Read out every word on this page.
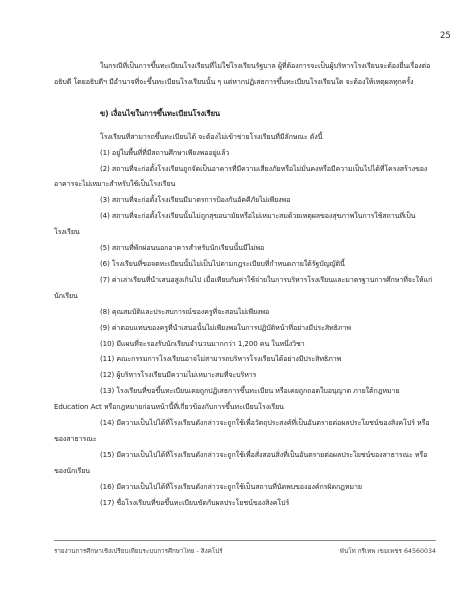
25

ในกรณีที่เป็นการขึ้นทะเบียนโรงเรียนที่ไม่ใช่โรงเรียนรัฐบาล ผู้ที่ต้องการจะเป็นผู้บริหารโรงเรียนจะต้องยื่นเรื่องต่ออธิบดี โดยอธิบดีฯ มีอำนาจที่จะขึ้นทะเบียนโรงเรียนนั้น ๆ แต่หากปฏิเสธการขึ้นทะเบียนโรงเรียนใด จะต้องให้เหตุผลทุกครั้ง

ข) เงื่อนไขในการขึ้นทะเบียนโรงเรียน

โรงเรียนที่สามารถขึ้นทะเบียนได้ จะต้องไม่เข้าข่ายโรงเรียนที่มีลักษณะ ดังนี้

(1) อยู่ในพื้นที่ที่มีสถานศึกษาเพียงพออยู่แล้ว

(2) สถานที่จะก่อตั้งโรงเรียนถูกจัดเป็นอาคารที่มีความเสี่ยงภัยหรือไม่มั่นคงหรือมีความเป็นไปได้ที่โครงสร้างของอาคารจะไม่เหมาะสำหรับใช้เป็นโรงเรียน

(3) สถานที่จะก่อตั้งโรงเรียนมีมาตรการป้องกันอัคคีภัยไม่เพียงพอ

(4) สถานที่จะก่อตั้งโรงเรียนนั้นไม่ถูกสุขอนามัยหรือไม่เหมาะสมด้วยเหตุผลของสุขภาพในการใช้สถานที่เป็นโรงเรียน

(5) สถานที่พักผ่อนนอกอาคารสำหรับนักเรียนนั้นมีไม่พอ

(6) โรงเรียนที่ขอจดทะเบียนนั้นไม่เป็นไปตามกฎระเบียบที่กำหนดภายใต้รัฐบัญญัตินี้

(7) ค่าเล่าเรียนที่นำเสนอสูงเกินไป เมื่อเทียบกับค่าใช้จ่ายในการบริหารโรงเรียนและมาตรฐานการศึกษาที่จะให้แก่นักเรียน

(8) คุณสมบัติและประสบการณ์ของครูที่จะสอนไม่เพียงพอ

(9) ค่าตอบแทนของครูที่นำเสนอนั้นไม่เพียงพอในการปฏิบัติหน้าที่อย่างมีประสิทธิภาพ

(10) มีแผนที่จะรองรับนักเรียนจำนวนมากกว่า 1,200 คน ในหนึ่งวิชา

(11) คณะกรรมการโรงเรียนอาจไม่สามารถบริหารโรงเรียนได้อย่างมีประสิทธิภาพ

(12) ผู้บริหารโรงเรียนมีความไม่เหมาะสมที่จะบริหาร

(13) โรงเรียนที่ขอขึ้นทะเบียนเคยถูกปฏิเสธการขึ้นทะเบียน หรือเคยถูกถอดใบอนุญาต ภายใต้กฎหมาย Education Act หรือกฎหมายก่อนหน้านี้ที่เกี่ยวข้องกับการขึ้นทะเบียนโรงเรียน

(14) มีความเป็นไปได้ที่โรงเรียนดังกล่าวจะถูกใช้เพื่อวัตถุประสงค์ที่เป็นอันตรายต่อผลประโยชน์ของสิงคโปร์ หรือของสาธารณะ

(15) มีความเป็นไปได้ที่โรงเรียนดังกล่าวจะถูกใช้เพื่อสั่งสอนสิ่งที่เป็นอันตรายต่อผลประโยชน์ของสาธารณะ หรือของนักเรียน

(16) มีความเป็นไปได้ที่โรงเรียนดังกล่าวจะถูกใช้เป็นสถานที่นัดพบขององค์กรผิดกฎหมาย

(17) ชื่อโรงเรียนที่ขอขึ้นทะเบียนขัดกับผลประโยชน์ของสิงคโปร์

รายงานการศึกษาเชิงเปรียบเทียบระบบการศึกษาไทย - สิงคโปร์	พันโท กรีเทพ เขมเพชร 64560034
